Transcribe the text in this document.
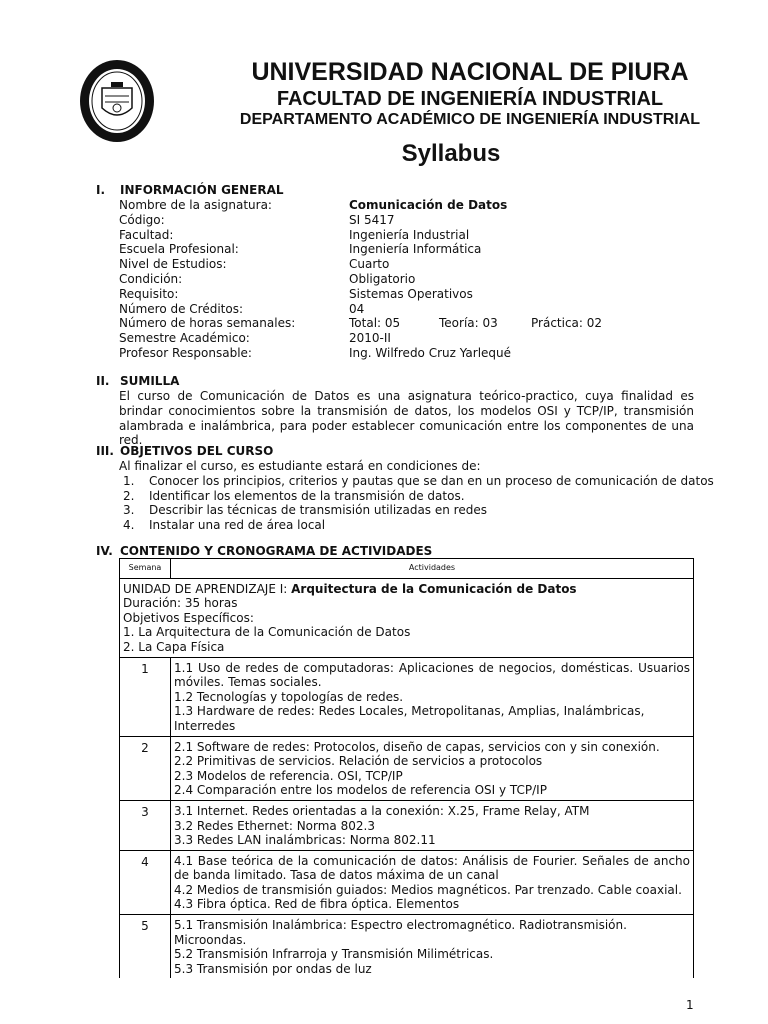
UNIVERSIDAD NACIONAL DE PIURA
FACULTAD DE INGENIERÍA INDUSTRIAL
DEPARTAMENTO ACADÉMICO DE INGENIERÍA INDUSTRIAL
Syllabus
I. INFORMACIÓN GENERAL
Nombre de la asignatura:	Comunicación de Datos
Código:	SI 5417
Facultad:	Ingeniería Industrial
Escuela Profesional:	Ingeniería Informática
Nivel de Estudios:	Cuarto
Condición:	Obligatorio
Requisito:	Sistemas Operativos
Número de Créditos:	04
Número de horas semanales:	Total: 05	Teoría: 03	Práctica: 02
Semestre Académico:	2010-II
Profesor Responsable:	Ing. Wilfredo Cruz Yarlequé
II. SUMILLA
El curso de Comunicación de Datos es una asignatura teórico-practico, cuya finalidad es brindar conocimientos sobre la transmisión de datos, los modelos OSI y TCP/IP, transmisión alambrada e inalámbrica, para poder establecer comunicación entre los componentes de una red.
III. OBJETIVOS DEL CURSO
Al finalizar el curso, es estudiante estará en condiciones de:
1.	Conocer los principios, criterios y pautas que se dan en un proceso de comunicación de datos
2.	Identificar los elementos de la transmisión de datos.
3.	Describir las técnicas de transmisión utilizadas en redes
4.	Instalar una red de área local
IV. CONTENIDO Y CRONOGRAMA DE ACTIVIDADES
Semana	Actividades

UNIDAD DE APRENDIZAJE I: Arquitectura de la Comunicación de Datos
Duración: 35 horas
Objetivos Específicos:
1. La Arquitectura de la Comunicación de Datos
2. La Capa Física	

1	1.1 Uso de redes de computadoras: Aplicaciones de negocios, domésticas. Usuarios móviles. Temas sociales.
1.2 Tecnologías y topologías de redes.
1.3 Hardware de redes: Redes Locales, Metropolitanas, Amplias, Inalámbricas, Interredes

2	2.1 Software de redes: Protocolos, diseño de capas, servicios con y sin conexión.
2.2 Primitivas de servicios. Relación de servicios a protocolos
2.3 Modelos de referencia. OSI, TCP/IP
2.4 Comparación entre los modelos de referencia OSI y TCP/IP

3	3.1 Internet. Redes orientadas a la conexión: X.25, Frame Relay, ATM
3.2 Redes Ethernet: Norma 802.3
3.3 Redes LAN inalámbricas: Norma 802.11

4	4.1 Base teórica de la comunicación de datos: Análisis de Fourier. Señales de ancho de banda limitado. Tasa de datos máxima de un canal
4.2 Medios de transmisión guiados: Medios magnéticos. Par trenzado. Cable coaxial.
4.3 Fibra óptica. Red de fibra óptica. Elementos

5	5.1 Transmisión Inalámbrica: Espectro electromagnético. Radiotransmisión. Microondas.
5.2 Transmisión Infrarroja y Transmisión Milimétricas.
5.3 Transmisión por ondas de luz
1
